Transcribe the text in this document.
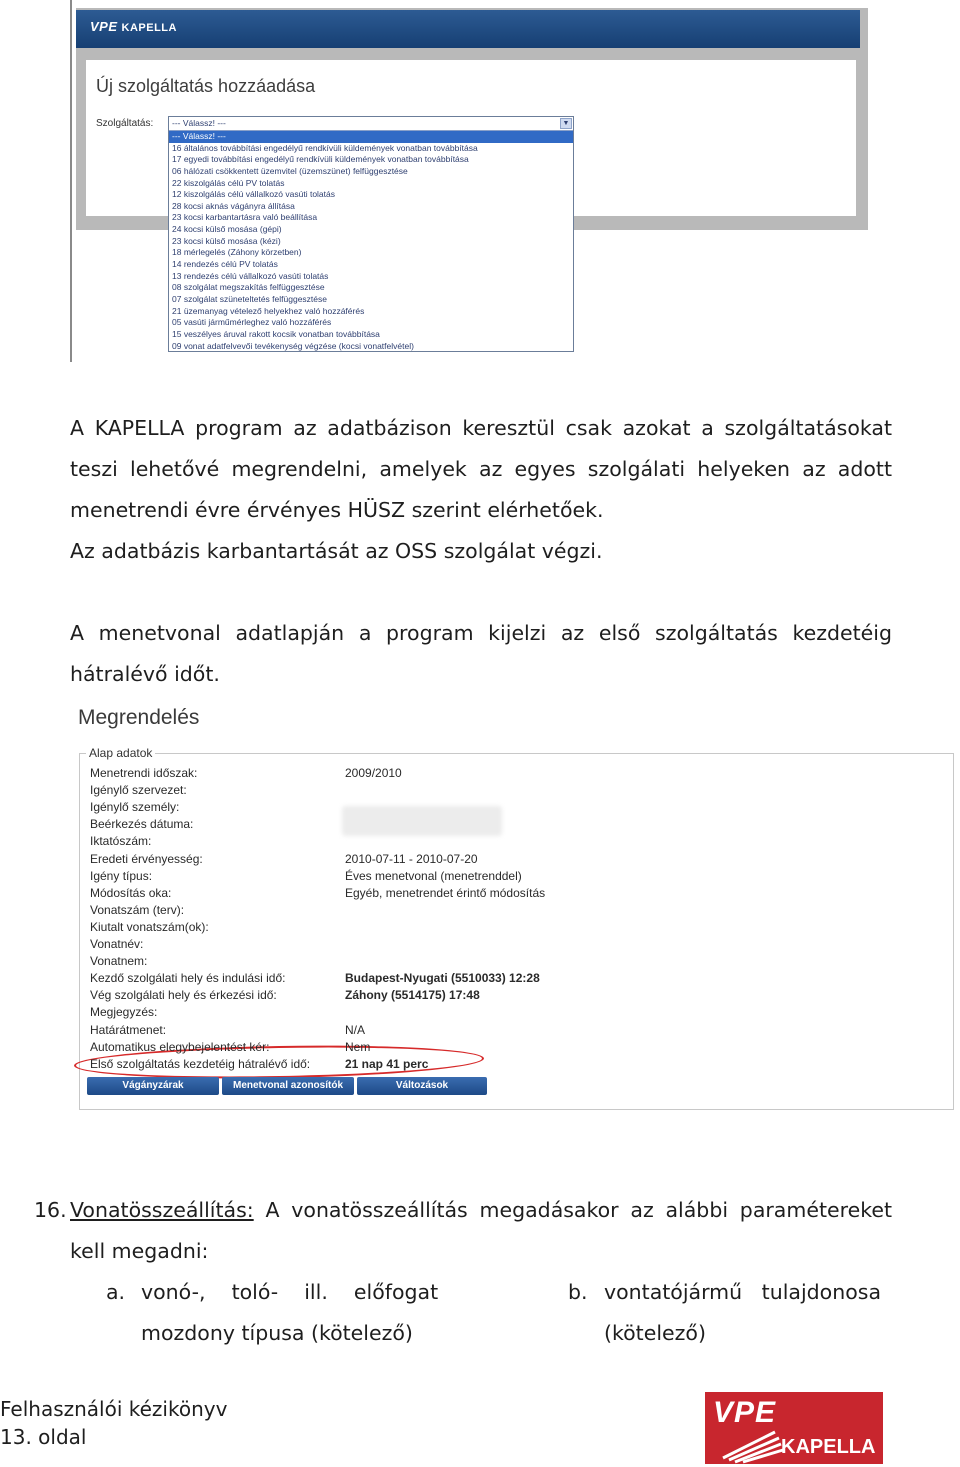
VPE KAPELLA
Új szolgáltatás hozzáadása
Szolgáltatás:	--- Válassz! ---	▼
--- Válassz! ---
16 általános továbbítási engedélyű rendkívüli küldemények vonatban továbbítása
17 egyedi továbbítási engedélyű rendkívüli küldemények vonatban továbbítása
06 hálózati csökkentett üzemvitel (üzemszünet) felfüggesztése
22 kiszolgálás célú PV tolatás
12 kiszolgálás célú vállalkozó vasúti tolatás
28 kocsi aknás vágányra állítása
23 kocsi karbantartásra való beállítása
24 kocsi külső mosása (gépi)
23 kocsi külső mosása (kézi)
18 mérlegelés (Záhony körzetben)
14 rendezés célú PV tolatás
13 rendezés célú vállalkozó vasúti tolatás
08 szolgálat megszakítás felfüggesztése
07 szolgálat szüneteltetés felfüggesztése
21 üzemanyag vételező helyekhez való hozzáférés
05 vasúti járműmérleghez való hozzáférés
15 veszélyes áruval rakott kocsik vonatban továbbítása
09 vonat adatfelvevői tevékenység végzése (kocsi vonatfelvétel)
A KAPELLA program az adatbázison keresztül csak azokat a szolgáltatásokat
teszi lehetővé megrendelni, amelyek az egyes szolgálati helyeken az adott
menetrendi évre érvényes HÜSZ szerint elérhetőek.
Az adatbázis karbantartását az OSS szolgálat végzi.
A menetvonal adatlapján a program kijelzi az első szolgáltatás kezdetéig
hátralévő időt.
Megrendelés
Alap adatok
Vágányzárak	Menetvonal azonosítók	Változások
Menetrendi időszak:	2009/2010
Igénylő szervezet:
Igénylő személy:
Beérkezés dátuma:
Iktatószám:
Eredeti érvényesség:	2010-07-11 - 2010-07-20
Igény típus:	Éves menetvonal (menetrenddel)
Módosítás oka:	Egyéb, menetrendet érintő módosítás
Vonatszám (terv):
Kiutalt vonatszám(ok):
Vonatnév:
Vonatnem:
Kezdő szolgálati hely és indulási idő:	Budapest-Nyugati (5510033) 12:28
Vég szolgálati hely és érkezési idő:	Záhony (5514175) 17:48
Megjegyzés:
Határátmenet:	N/A
Automatikus elegybejelentést kér:	Nem
Első szolgáltatás kezdetéig hátralévő idő:	21 nap 41 perc
16. Vonatösszeállítás: A vonatösszeállítás megadásakor az alábbi paramétereket
kell megadni:
a. vonó-,    toló-    ill.    előfogat
mozdony típusa (kötelező)
b. vontatójármű   tulajdonosa
(kötelező)
Felhasználói kézikönyv
13. oldal
VPE
KAPELLA
